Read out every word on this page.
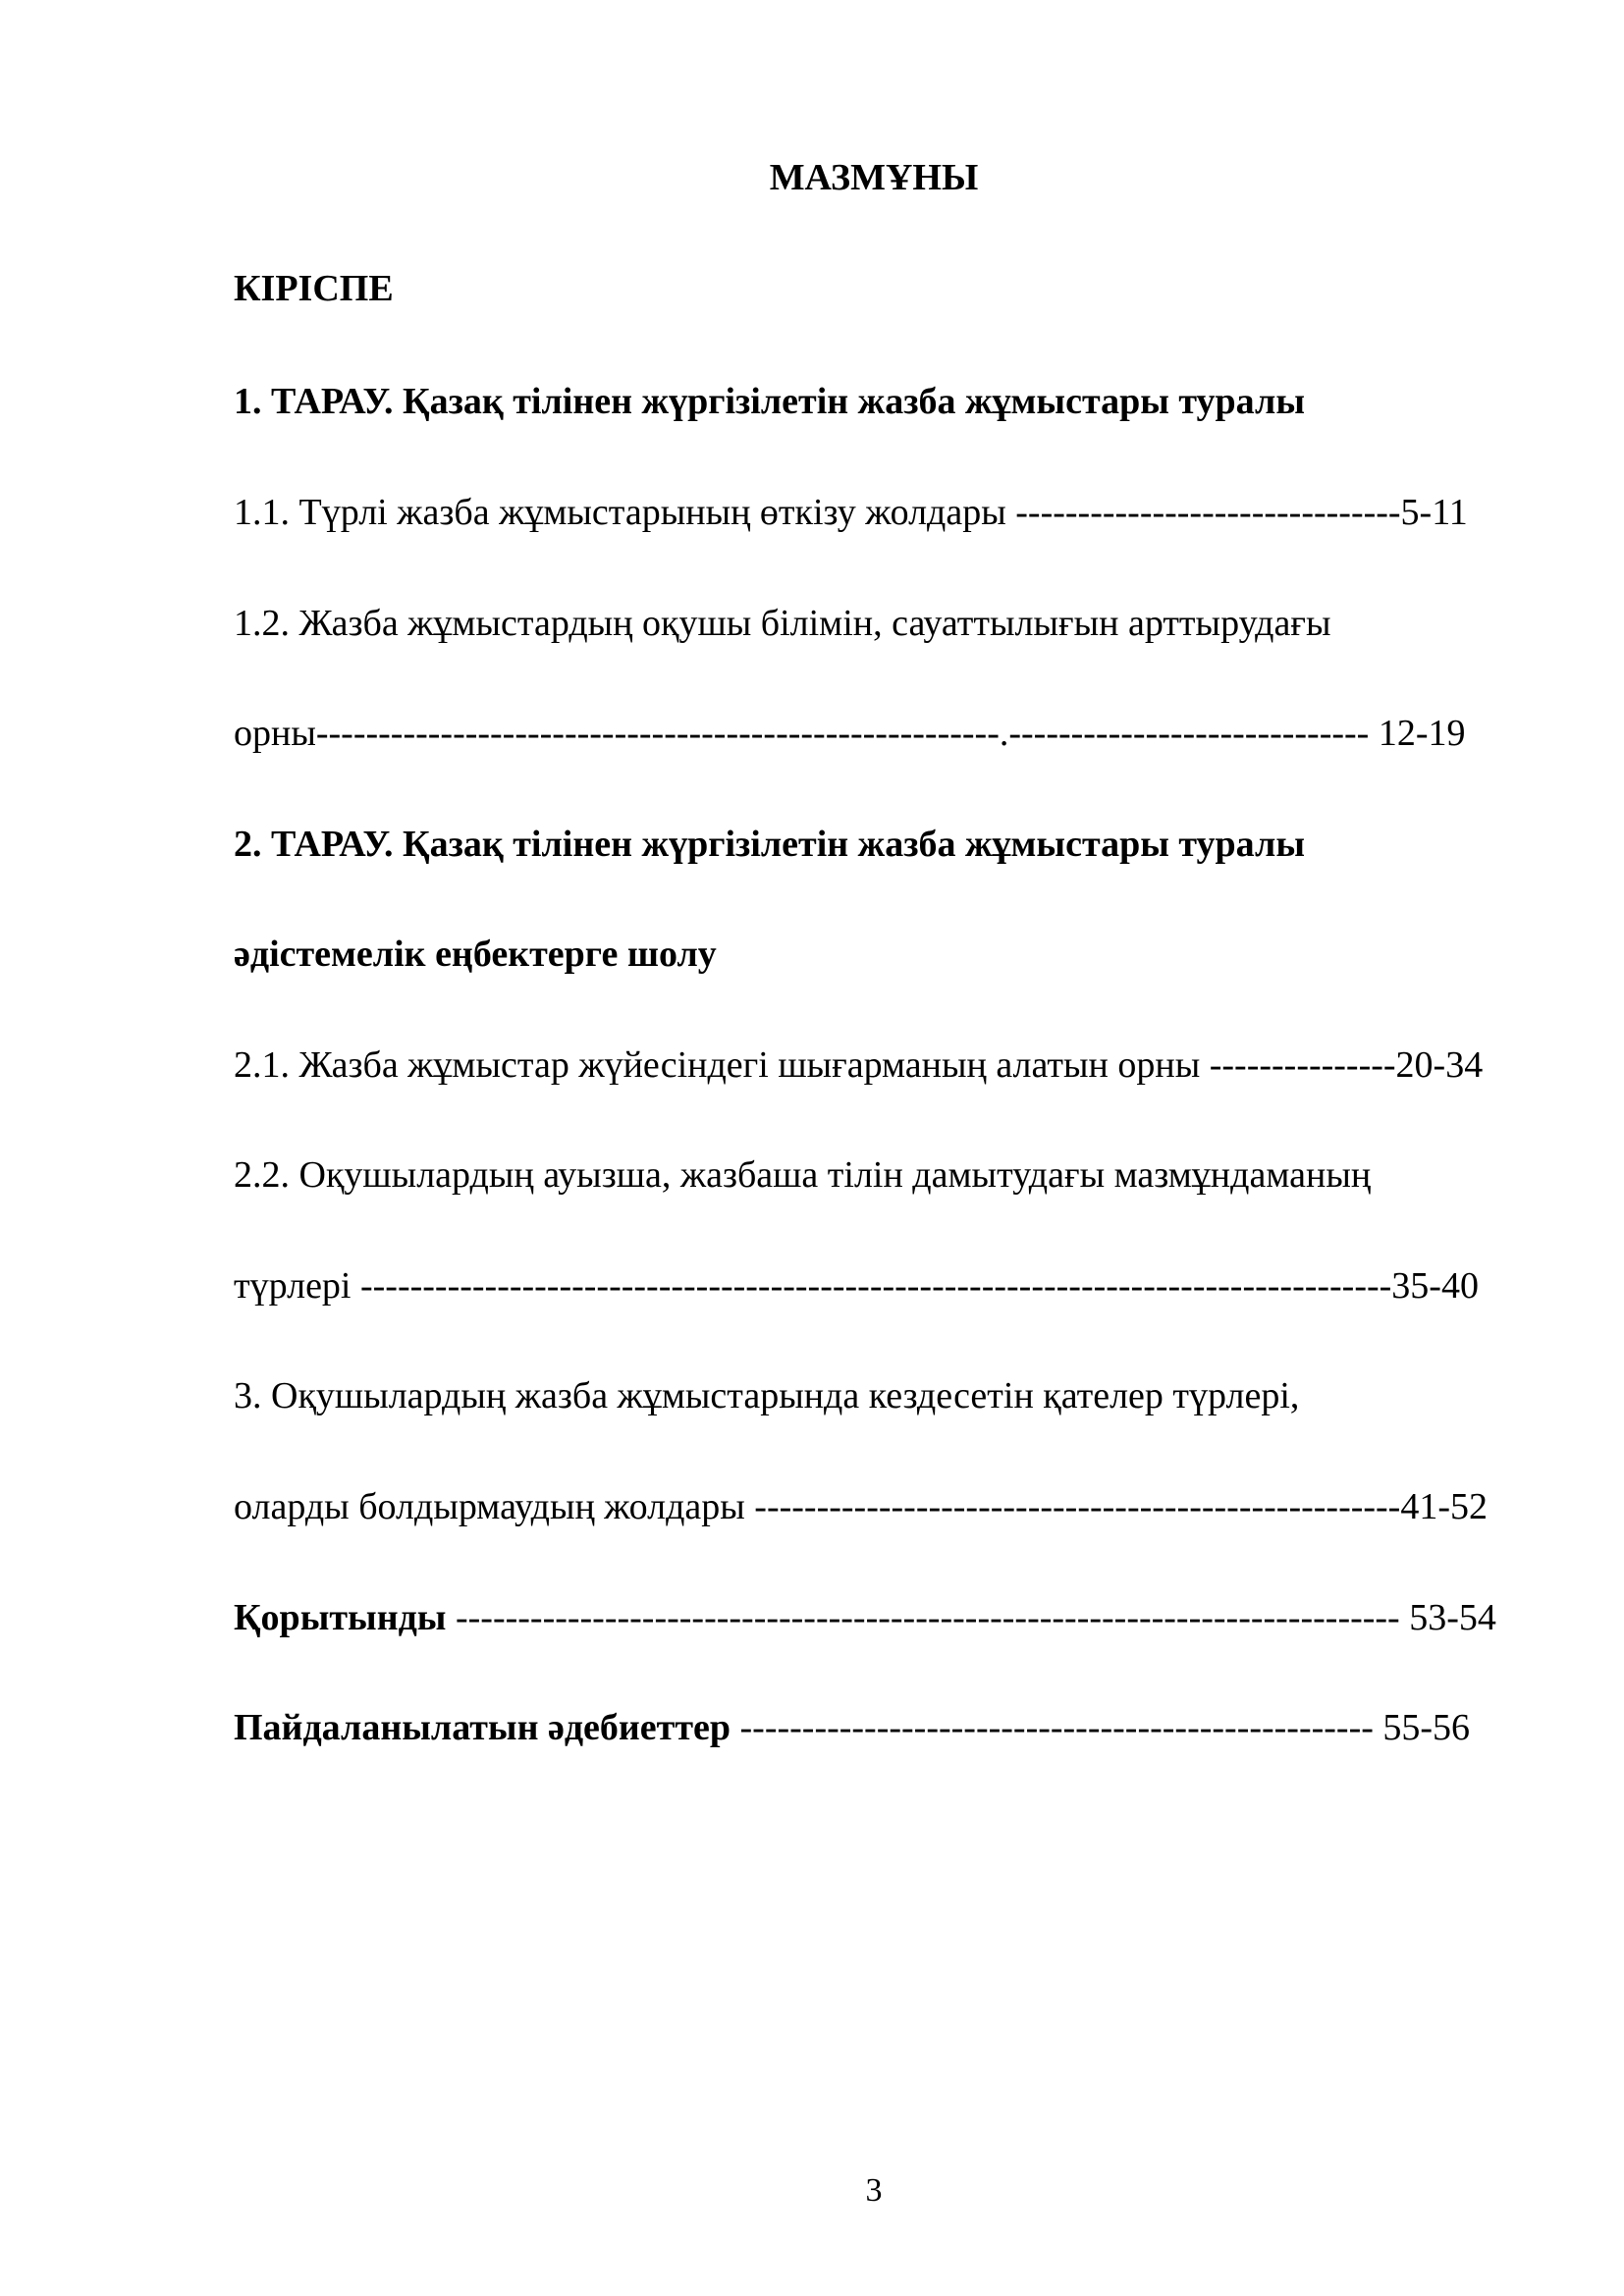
МАЗМҰНЫ
КІРІСПЕ
1. ТАРАУ. Қазақ тілінен жүргізілетін жазба жұмыстары туралы
1.1. Түрлі жазба жұмыстарының өткізу жолдары -------------------------------5-11
1.2. Жазба жұмыстардың оқушы білімін, сауаттылығын арттырудағы
орны-------------------------------------------------------.----------------------------- 12-19
2. ТАРАУ. Қазақ тілінен жүргізілетін жазба жұмыстары туралы
әдістемелік еңбектерге шолу
2.1. Жазба жұмыстар жүйесіндегі шығарманың алатын орны ---------------20-34
2.2. Оқушылардың ауызша, жазбаша тілін дамытудағы мазмұндаманың
түрлері -----------------------------------------------------------------------------------35-40
3. Оқушылардың жазба жұмыстарында кездесетін қателер түрлері,
оларды болдырмаудың жолдары ----------------------------------------------------41-52
Қорытынды ---------------------------------------------------------------------------- 53-54
Пайдаланылатын әдебиеттер --------------------------------------------------- 55-56
3
